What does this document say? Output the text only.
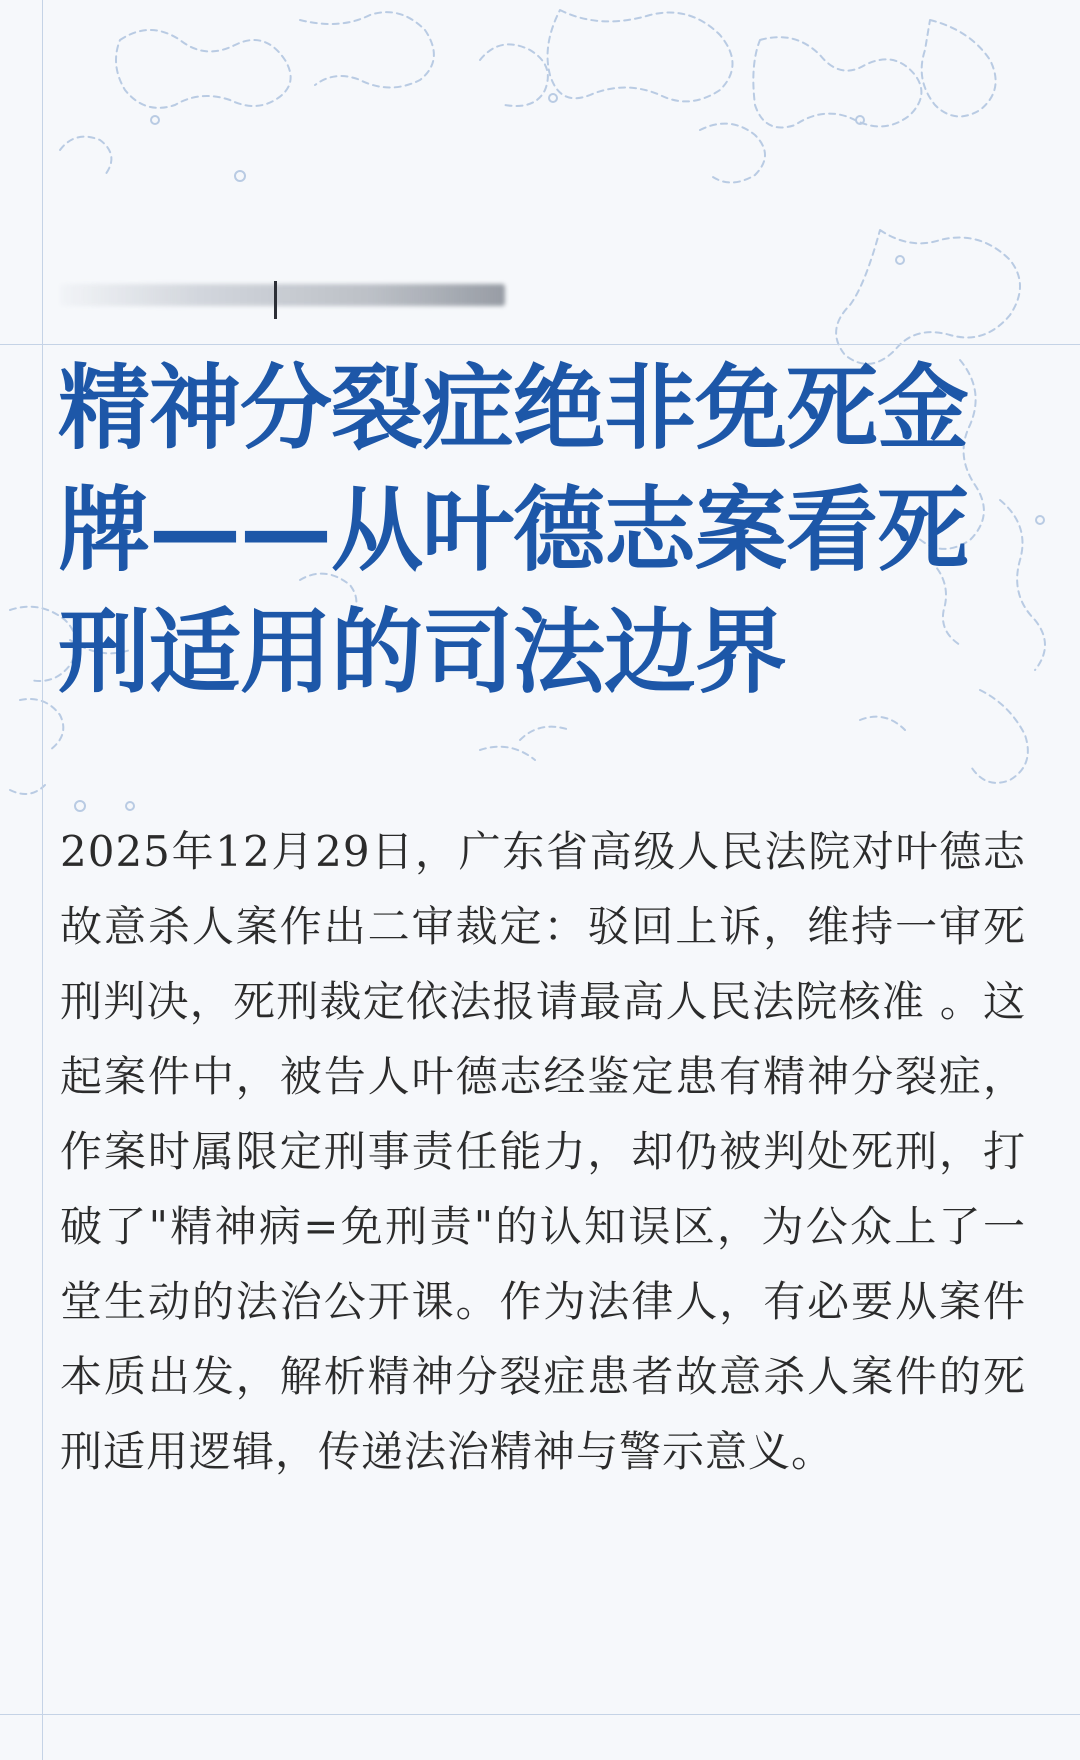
精神分裂症绝非免死金牌——从叶德志案看死刑适用的司法边界

2025年12月29日，广东省高级人民法院对叶德志故意杀人案作出二审裁定：驳回上诉，维持一审死刑判决，死刑裁定依法报请最高人民法院核准 。这起案件中，被告人叶德志经鉴定患有精神分裂症，作案时属限定刑事责任能力，却仍被判处死刑，打破了"精神病=免刑责"的认知误区，为公众上了一堂生动的法治公开课。作为法律人，有必要从案件本质出发，解析精神分裂症患者故意杀人案件的死刑适用逻辑，传递法治精神与警示意义。
